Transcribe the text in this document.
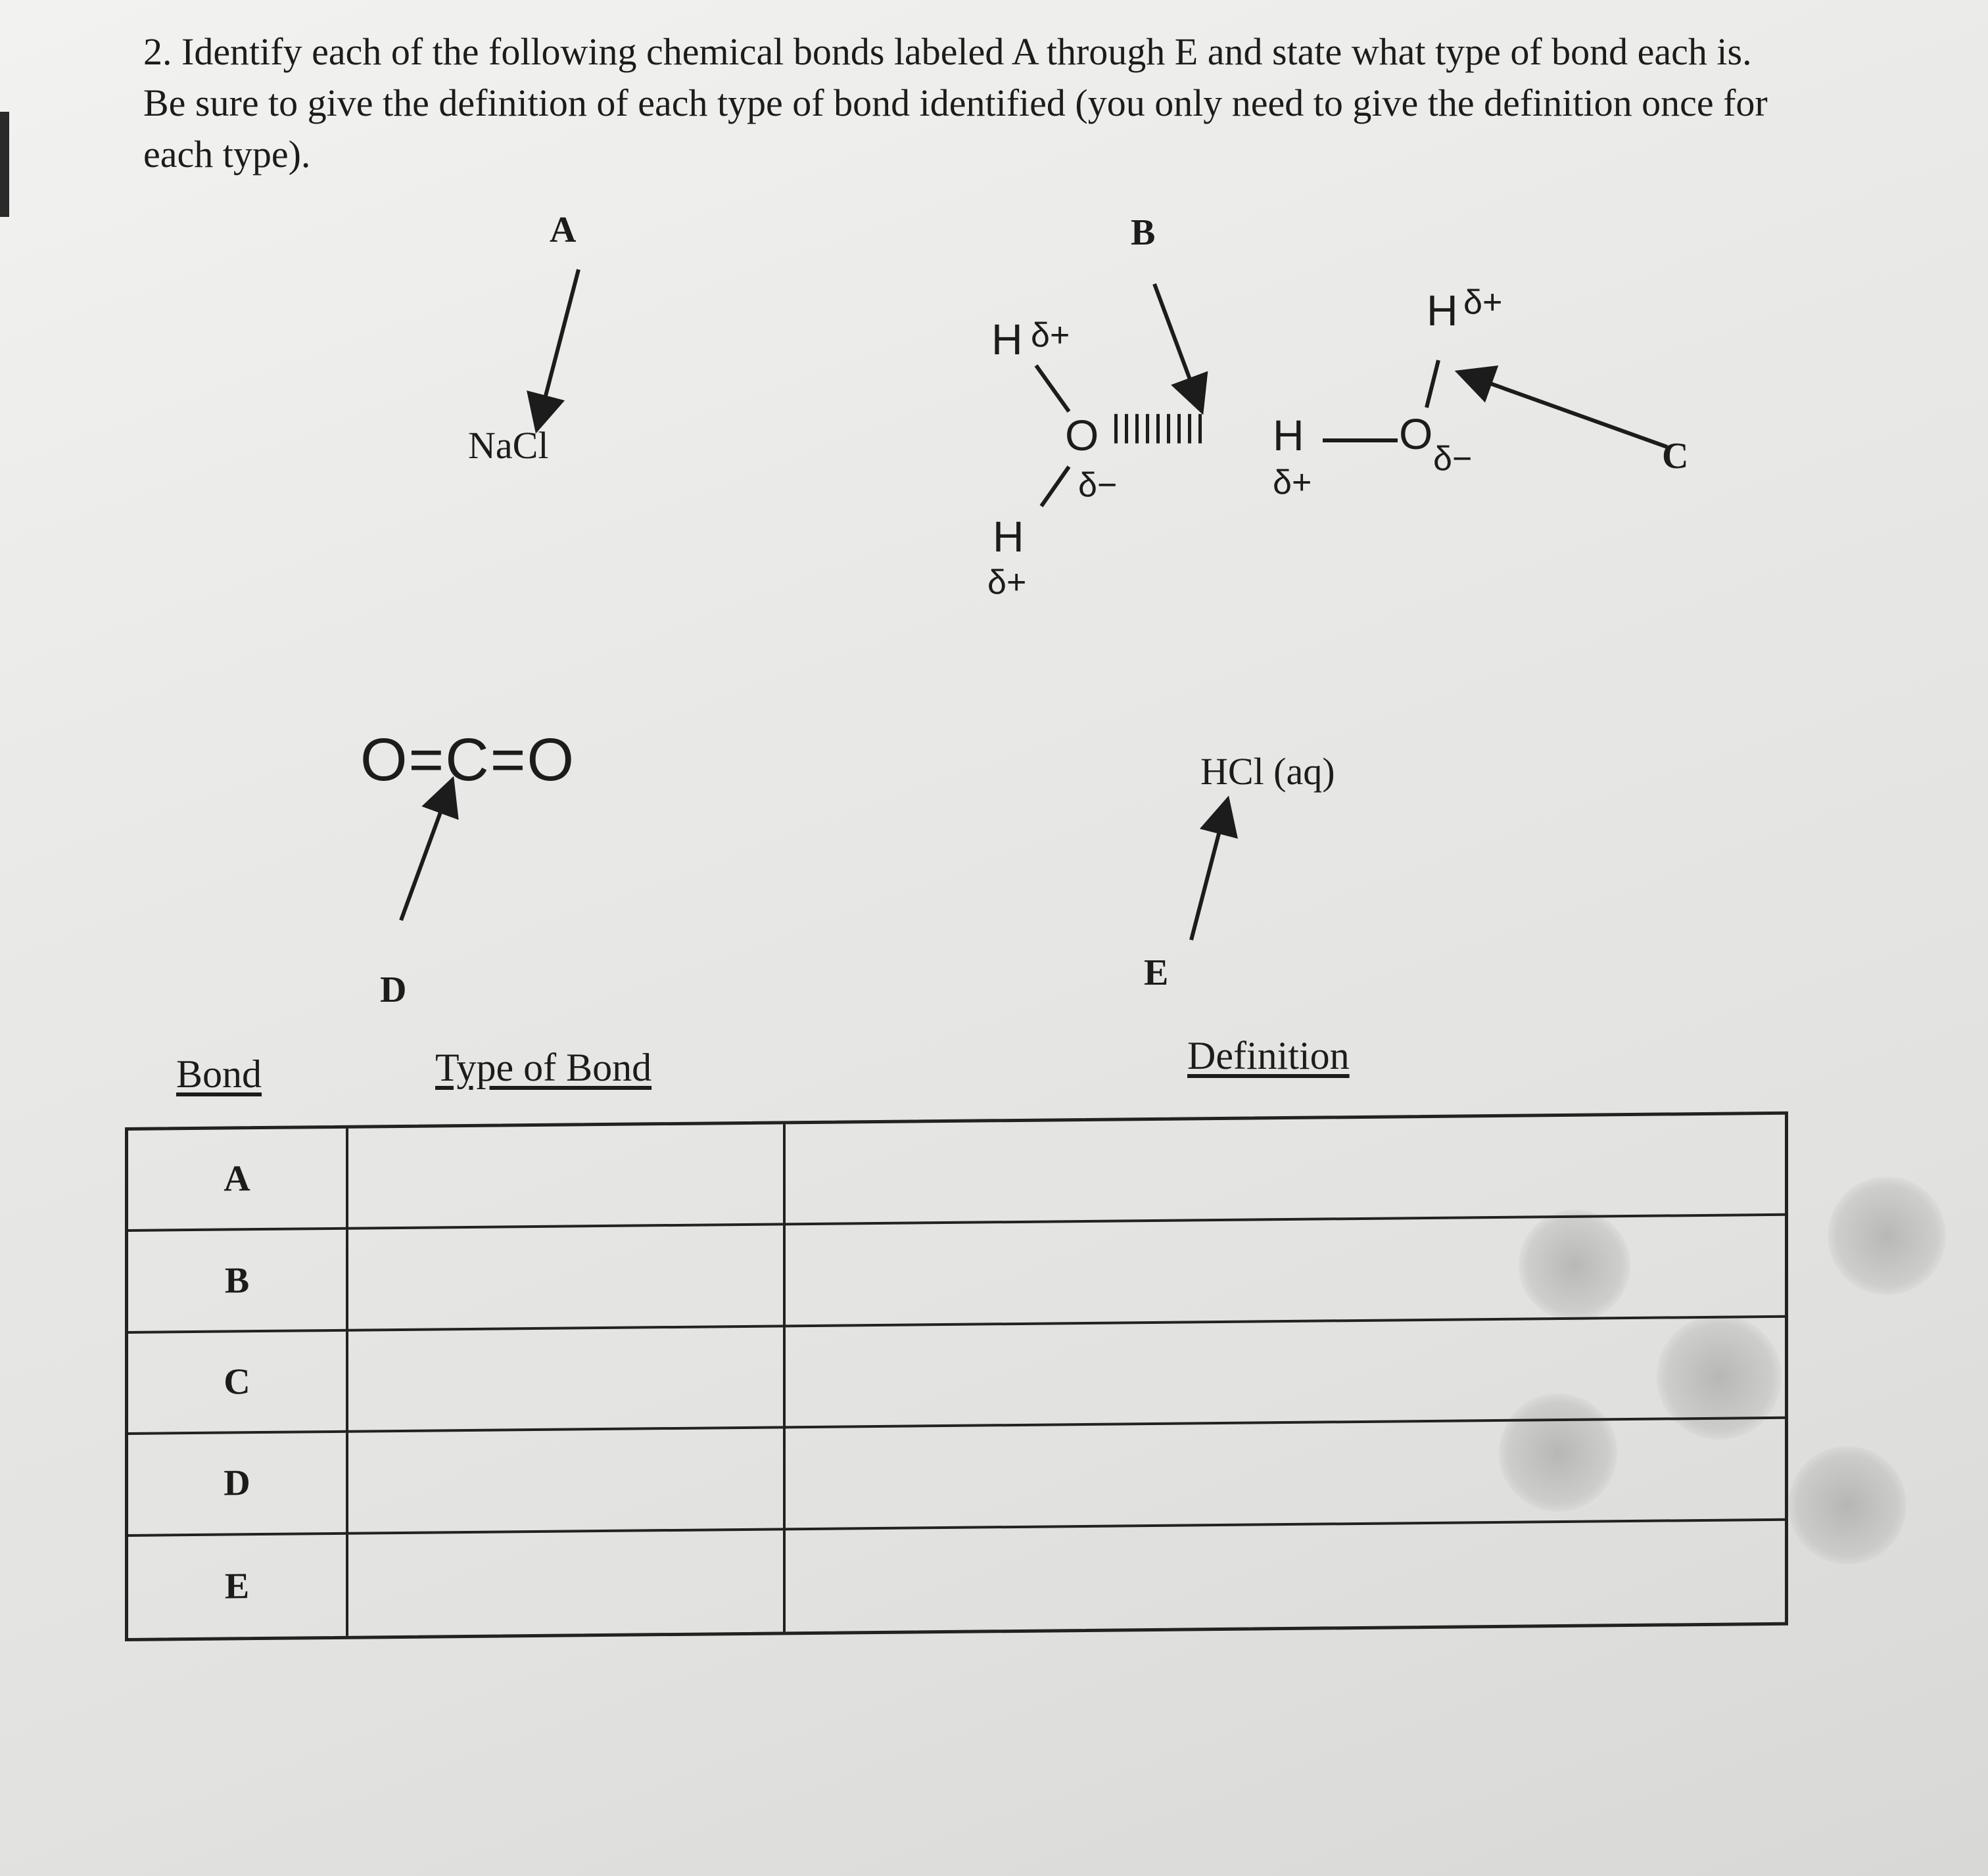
2. Identify each of the following chemical bonds labeled A through E and state what type of bond each is.

Be sure to give the definition of each type of bond identified (you only need to give the definition once for

each type).

A	B
C
D	E
NaCl
H δ+
O
δ−
H
δ+
IIIIIIIII H
δ+
O
δ−
H δ+
O=C=O	HCl (aq)
Bond	Type of Bond	Definition
A
B
C
D
E
